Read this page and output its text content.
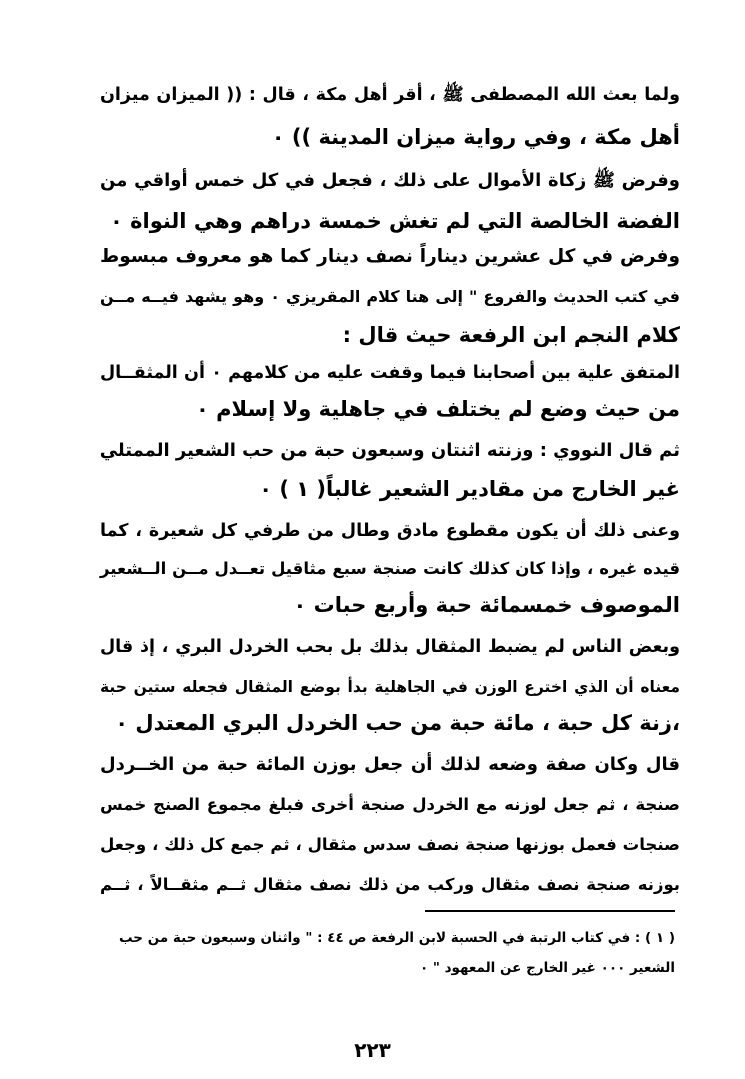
ولما بعث الله المصطفى ﷺ ، أقر أهل مكة ، قال : (( الميزان ميزان
أهل مكة ، وفي رواية ميزان المدينة )) ٠
وفرض ﷺ زكاة الأموال على ذلك ، فجعل في كل خمس أواقي من
الفضة الخالصة التي لم تغش خمسة دراهم وهي النواة ٠
وفرض في كل عشرين ديناراً نصف دينار كما هو معروف مبسوط
في كتب الحديث والفروع " إلى هنا كلام المقريزي ٠ وهو يشهد فيــه مــن
كلام النجم ابن الرفعة حيث قال :
المتفق علية بين أصحابنا فيما وقفت عليه من كلامهم ٠ أن المثقــال
من حيث وضع لم يختلف في جاهلية ولا إسلام ٠
ثم قال النووي : وزنته اثنتان وسبعون حبة من حب الشعير الممتلي
غير الخارج من مقادير الشعير غالباً( ١ ) ٠
وعنى ذلك أن يكون مقطوع مادق وطال من طرفي كل شعيرة ، كما
قيده غيره ، وإذا كان كذلك كانت صنجة سبع مثاقيل تعــدل مــن الــشعير
الموصوف خمسمائة حبة وأربع حبات ٠
وبعض الناس لم يضبط المثقال بذلك بل بحب الخردل البري ، إذ قال
معناه أن الذي اخترع الوزن في الجاهلية بدأ بوضع المثقال فجعله ستين حبة
،زنة كل حبة ، مائة حبة من حب الخردل البري المعتدل ٠
قال وكان صفة وضعه لذلك أن جعل بوزن المائة حبة من الخــردل
صنجة ، ثم جعل لوزنه مع الخردل صنجة أخرى فبلغ مجموع الصنج خمس
صنجات فعمل بوزنها صنجة نصف سدس مثقال ، ثم جمع كل ذلك ، وجعل
بوزنه صنجة نصف مثقال وركب من ذلك نصف مثقال ثــم مثقــالاً ، ثــم
( ١ ) : في كتاب الرتبة في الحسبة لابن الرفعة ص ٤٤ : " واثنان وسبعون حبة من حب
الشعير ٠٠٠ غير الخارج عن المعهود " ٠
٢٢٣
